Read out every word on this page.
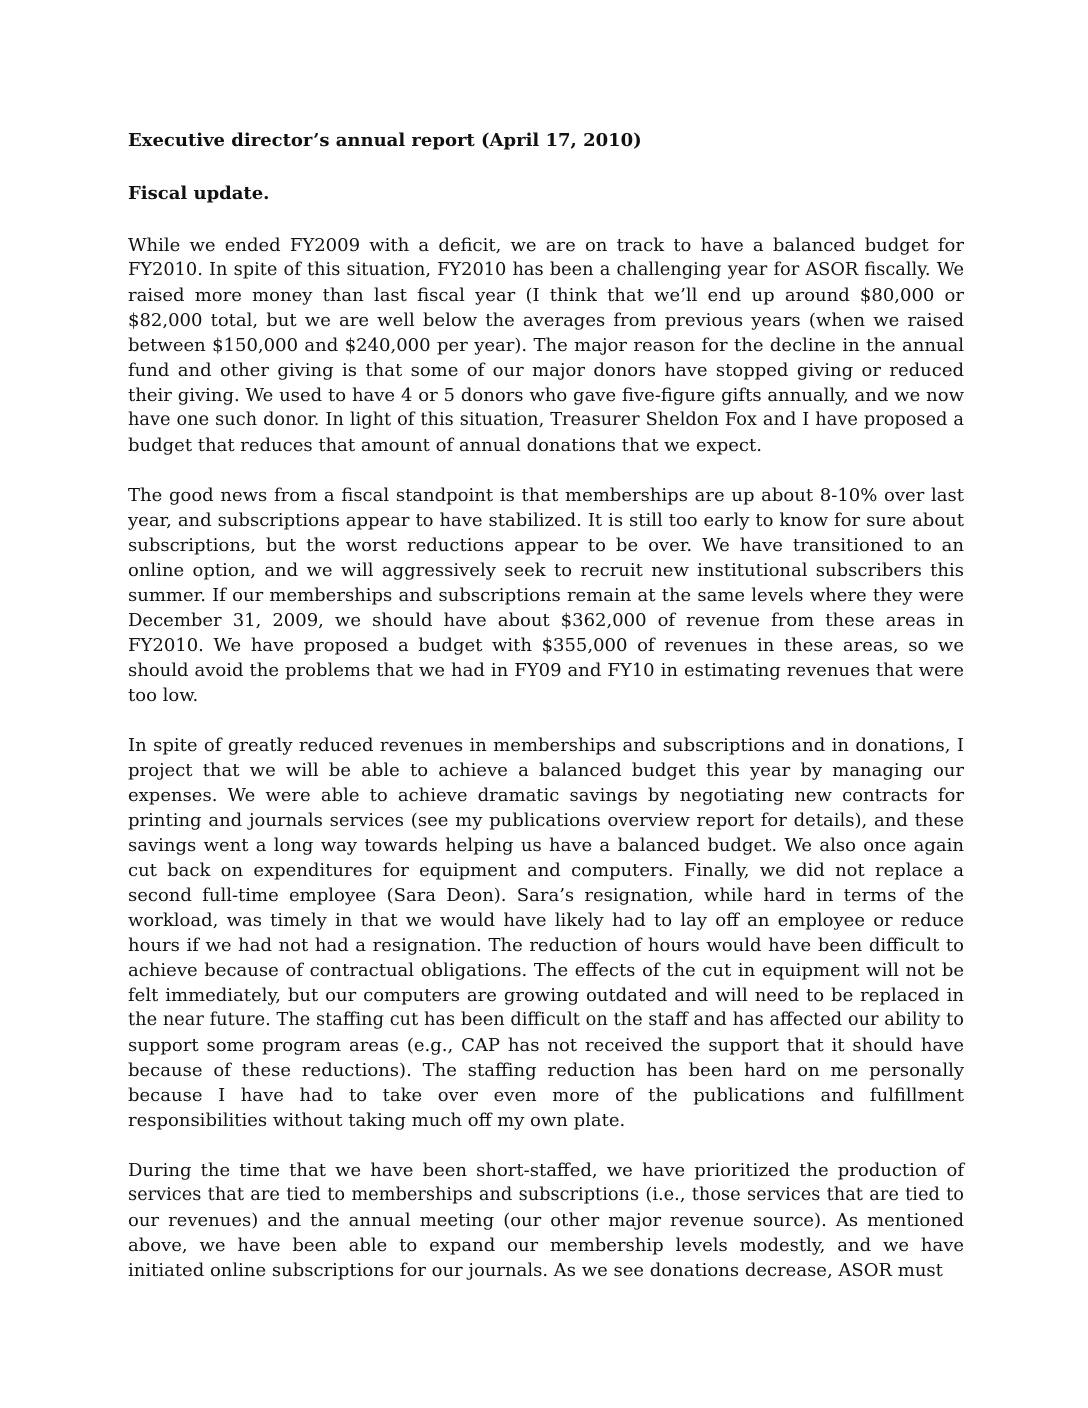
Executive director’s annual report (April 17, 2010)
Fiscal update.

While we ended FY2009 with a deficit, we are on track to have a balanced budget for
FY2010. In spite of this situation, FY2010 has been a challenging year for ASOR fiscally. We
raised more money than last fiscal year (I think that we’ll end up around $80,000 or
$82,000 total, but we are well below the averages from previous years (when we raised
between $150,000 and $240,000 per year). The major reason for the decline in the annual
fund and other giving is that some of our major donors have stopped giving or reduced
their giving. We used to have 4 or 5 donors who gave five-figure gifts annually, and we now
have one such donor. In light of this situation, Treasurer Sheldon Fox and I have proposed a
budget that reduces that amount of annual donations that we expect.

The good news from a fiscal standpoint is that memberships are up about 8-10% over last
year, and subscriptions appear to have stabilized. It is still too early to know for sure about
subscriptions, but the worst reductions appear to be over. We have transitioned to an
online option, and we will aggressively seek to recruit new institutional subscribers this
summer. If our memberships and subscriptions remain at the same levels where they were
December 31, 2009, we should have about $362,000 of revenue from these areas in
FY2010. We have proposed a budget with $355,000 of revenues in these areas, so we
should avoid the problems that we had in FY09 and FY10 in estimating revenues that were
too low.

In spite of greatly reduced revenues in memberships and subscriptions and in donations, I
project that we will be able to achieve a balanced budget this year by managing our
expenses. We were able to achieve dramatic savings by negotiating new contracts for
printing and journals services (see my publications overview report for details), and these
savings went a long way towards helping us have a balanced budget. We also once again
cut back on expenditures for equipment and computers. Finally, we did not replace a
second full-time employee (Sara Deon). Sara’s resignation, while hard in terms of the
workload, was timely in that we would have likely had to lay off an employee or reduce
hours if we had not had a resignation. The reduction of hours would have been difficult to
achieve because of contractual obligations. The effects of the cut in equipment will not be
felt immediately, but our computers are growing outdated and will need to be replaced in
the near future. The staffing cut has been difficult on the staff and has affected our ability to
support some program areas (e.g., CAP has not received the support that it should have
because of these reductions). The staffing reduction has been hard on me personally
because I have had to take over even more of the publications and fulfillment
responsibilities without taking much off my own plate.

During the time that we have been short-staffed, we have prioritized the production of
services that are tied to memberships and subscriptions (i.e., those services that are tied to
our revenues) and the annual meeting (our other major revenue source). As mentioned
above, we have been able to expand our membership levels modestly, and we have
initiated online subscriptions for our journals. As we see donations decrease, ASOR must
